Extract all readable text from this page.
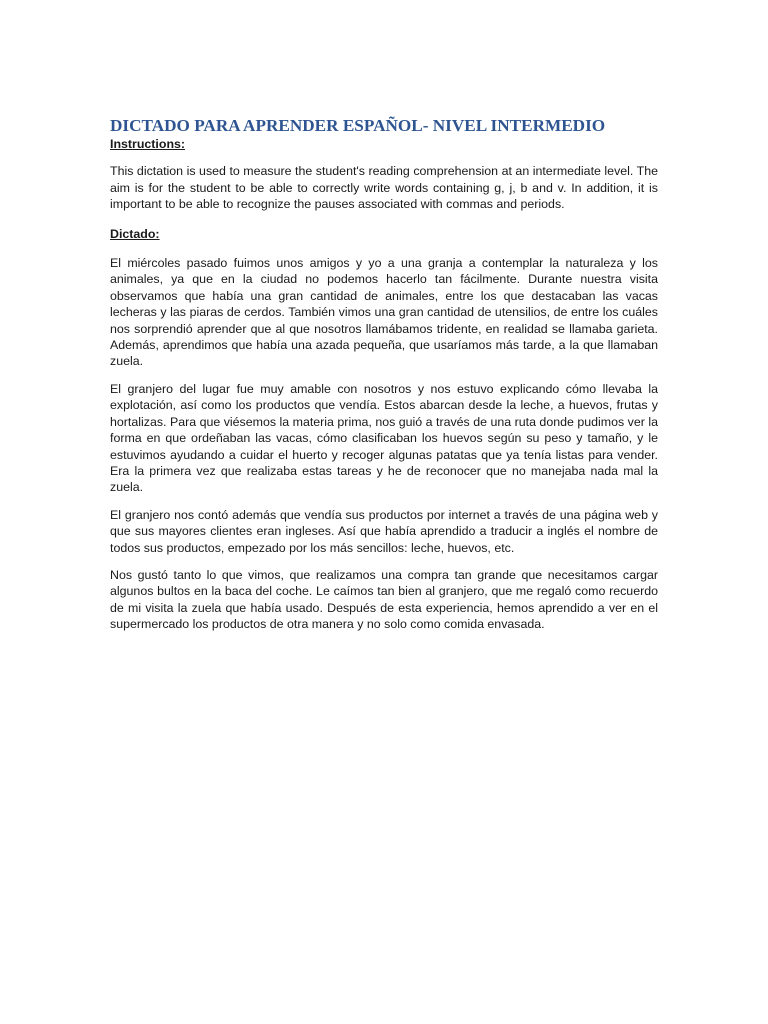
DICTADO PARA APRENDER ESPAÑOL- NIVEL INTERMEDIO
Instructions:

This dictation is used to measure the student's reading comprehension at an intermediate level. The aim is for the student to be able to correctly write words containing g, j, b and v. In addition, it is important to be able to recognize the pauses associated with commas and periods.

Dictado:

El miércoles pasado fuimos unos amigos y yo a una granja a contemplar la naturaleza y los animales, ya que en la ciudad no podemos hacerlo tan fácilmente. Durante nuestra visita observamos que había una gran cantidad de animales, entre los que destacaban las vacas lecheras y las piaras de cerdos. También vimos una gran cantidad de utensilios, de entre los cuáles nos sorprendió aprender que al que nosotros llamábamos tridente, en realidad se llamaba garieta. Además, aprendimos que había una azada pequeña, que usaríamos más tarde, a la que llamaban zuela.

El granjero del lugar fue muy amable con nosotros y nos estuvo explicando cómo llevaba la explotación, así como los productos que vendía. Estos abarcan desde la leche, a huevos, frutas y hortalizas. Para que viésemos la materia prima, nos guió a través de una ruta donde pudimos ver la forma en que ordeñaban las vacas, cómo clasificaban los huevos según su peso y tamaño, y le estuvimos ayudando a cuidar el huerto y recoger algunas patatas que ya tenía listas para vender. Era la primera vez que realizaba estas tareas y he de reconocer que no manejaba nada mal la zuela.

El granjero nos contó además que vendía sus productos por internet a través de una página web y que sus mayores clientes eran ingleses. Así que había aprendido a traducir a inglés el nombre de todos sus productos, empezado por los más sencillos: leche, huevos, etc.

Nos gustó tanto lo que vimos, que realizamos una compra tan grande que necesitamos cargar algunos bultos en la baca del coche. Le caímos tan bien al granjero, que me regaló como recuerdo de mi visita la zuela que había usado. Después de esta experiencia, hemos aprendido a ver en el supermercado los productos de otra manera y no solo como comida envasada.
